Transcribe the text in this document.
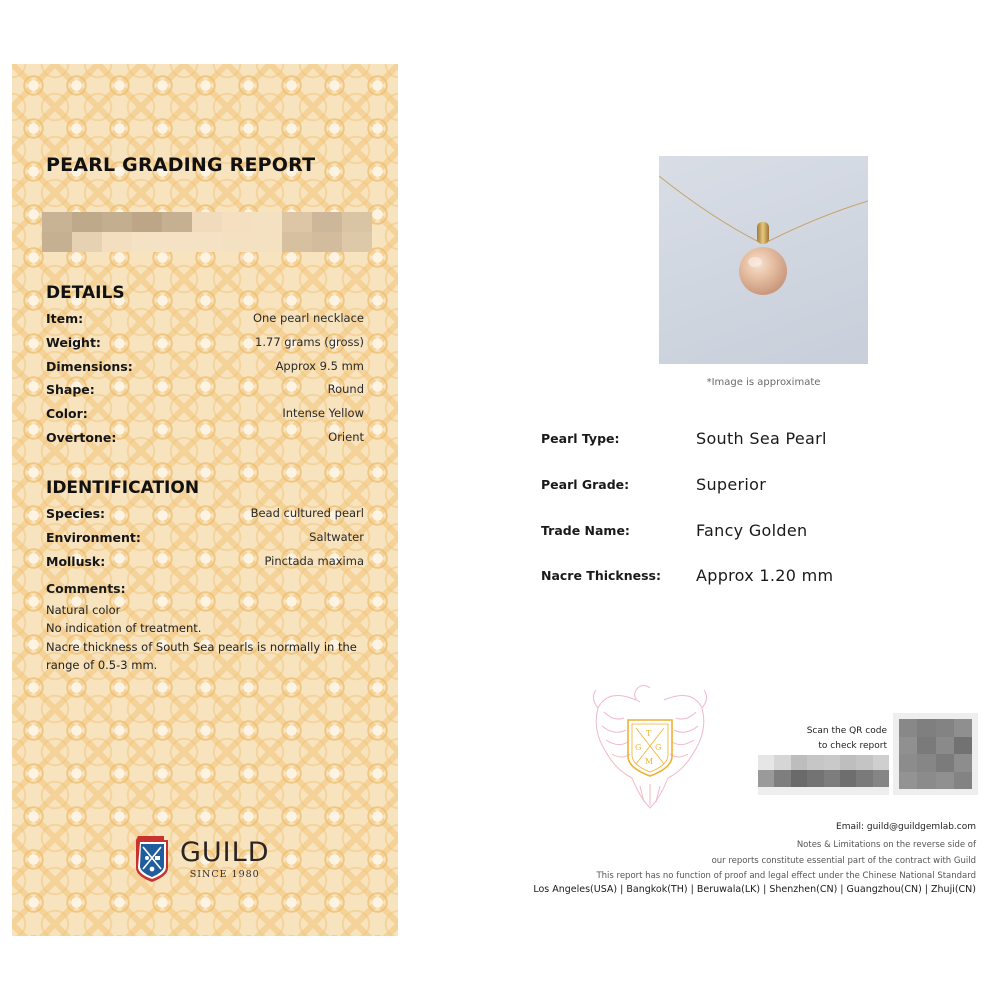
PEARL GRADING REPORT
DETAILS
Item:	One pearl necklace
Weight:	1.77 grams (gross)
Dimensions:	Approx 9.5 mm
Shape:	Round
Color:	Intense Yellow
Overtone:	Orient
IDENTIFICATION
Species:	Bead cultured pearl
Environment:	Saltwater
Mollusk:	Pinctada maxima
Comments:
Natural color
No indication of treatment.
Nacre thickness of South Sea pearls is normally in the
range of 0.5-3 mm.
GUILD
SINCE 1980
*Image is approximate
Pearl Type:	South Sea Pearl
Pearl Grade:	Superior
Trade Name:	Fancy Golden
Nacre Thickness:	Approx 1.20 mm
T
G G
M
Scan the QR code
to check report
Email: guild@guildgemlab.com
Notes & Limitations on the reverse side of
our reports constitute essential part of the contract with Guild
This report has no function of proof and legal effect under the Chinese National Standard
Los Angeles(USA) | Bangkok(TH) | Beruwala(LK) | Shenzhen(CN) | Guangzhou(CN) | Zhuji(CN)
